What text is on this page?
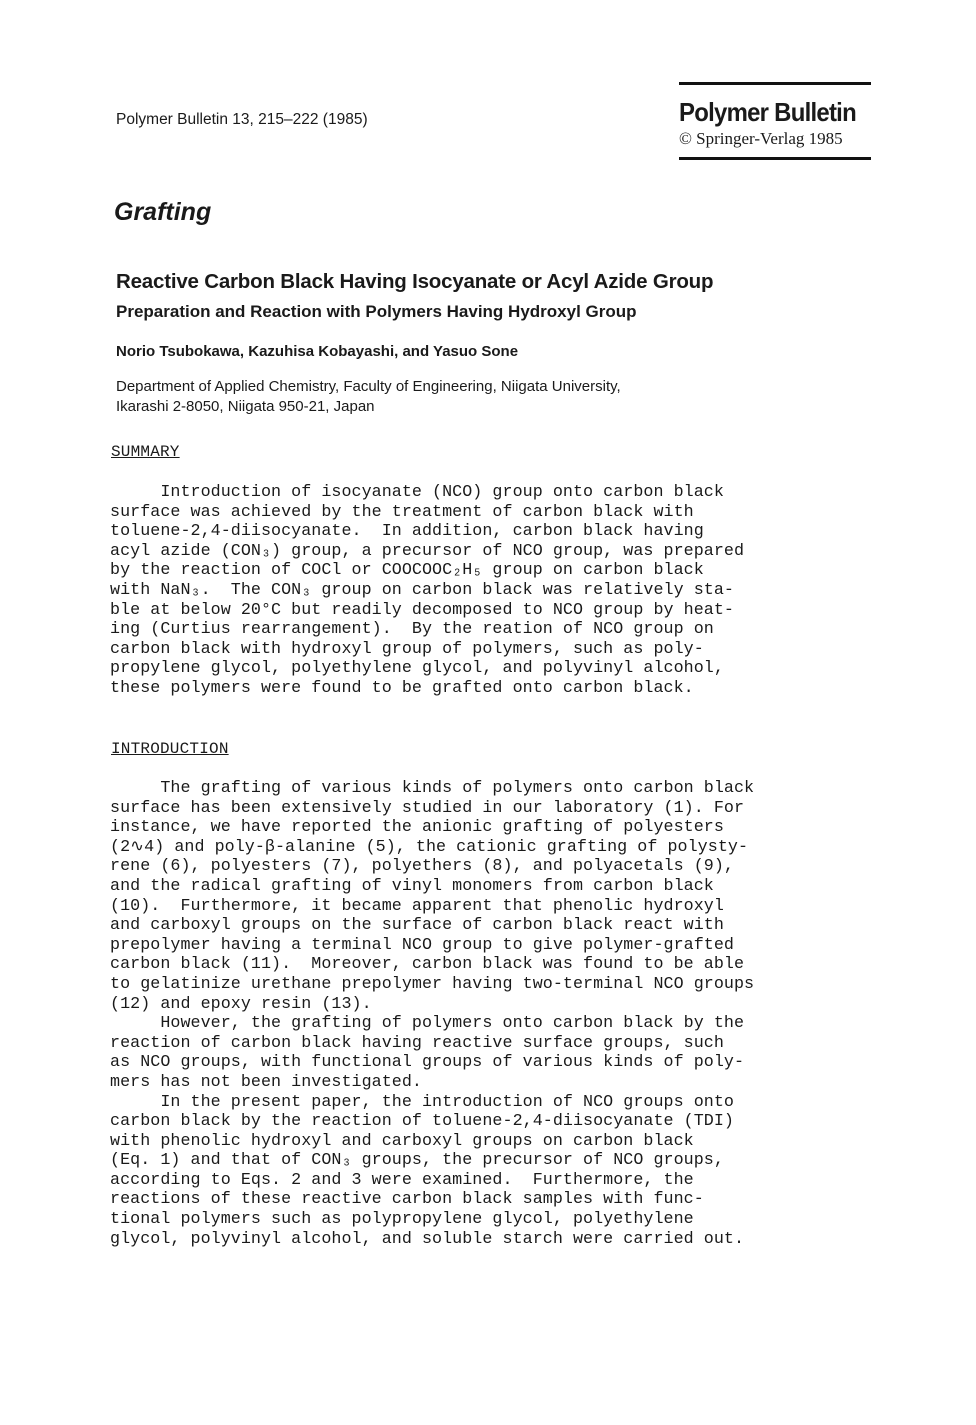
Polymer Bulletin 13, 215–222 (1985)	Polymer Bulletin
© Springer-Verlag 1985
Grafting
Reactive Carbon Black Having Isocyanate or Acyl Azide Group
Preparation and Reaction with Polymers Having Hydroxyl Group
Norio Tsubokawa, Kazuhisa Kobayashi, and Yasuo Sone
Department of Applied Chemistry, Faculty of Engineering, Niigata University,
Ikarashi 2-8050, Niigata 950-21, Japan
SUMMARY
Introduction of isocyanate (NCO) group onto carbon black
surface was achieved by the treatment of carbon black with
toluene-2,4-diisocyanate.  In addition, carbon black having
acyl azide (CON₃) group, a precursor of NCO group, was prepared
by the reaction of COCl or COOCOOC₂H₅ group on carbon black
with NaN₃.  The CON₃ group on carbon black was relatively sta-
ble at below 20°C but readily decomposed to NCO group by heat-
ing (Curtius rearrangement).  By the reation of NCO group on
carbon black with hydroxyl group of polymers, such as poly-
propylene glycol, polyethylene glycol, and polyvinyl alcohol,
these polymers were found to be grafted onto carbon black.
INTRODUCTION
The grafting of various kinds of polymers onto carbon black
surface has been extensively studied in our laboratory (1). For
instance, we have reported the anionic grafting of polyesters
(2∿4) and poly-β-alanine (5), the cationic grafting of polysty-
rene (6), polyesters (7), polyethers (8), and polyacetals (9),
and the radical grafting of vinyl monomers from carbon black
(10).  Furthermore, it became apparent that phenolic hydroxyl
and carboxyl groups on the surface of carbon black react with
prepolymer having a terminal NCO group to give polymer-grafted
carbon black (11).  Moreover, carbon black was found to be able
to gelatinize urethane prepolymer having two-terminal NCO groups
(12) and epoxy resin (13).
However, the grafting of polymers onto carbon black by the
reaction of carbon black having reactive surface groups, such
as NCO groups, with functional groups of various kinds of poly-
mers has not been investigated.
In the present paper, the introduction of NCO groups onto
carbon black by the reaction of toluene-2,4-diisocyanate (TDI)
with phenolic hydroxyl and carboxyl groups on carbon black
(Eq. 1) and that of CON₃ groups, the precursor of NCO groups,
according to Eqs. 2 and 3 were examined.  Furthermore, the
reactions of these reactive carbon black samples with func-
tional polymers such as polypropylene glycol, polyethylene
glycol, polyvinyl alcohol, and soluble starch were carried out.
